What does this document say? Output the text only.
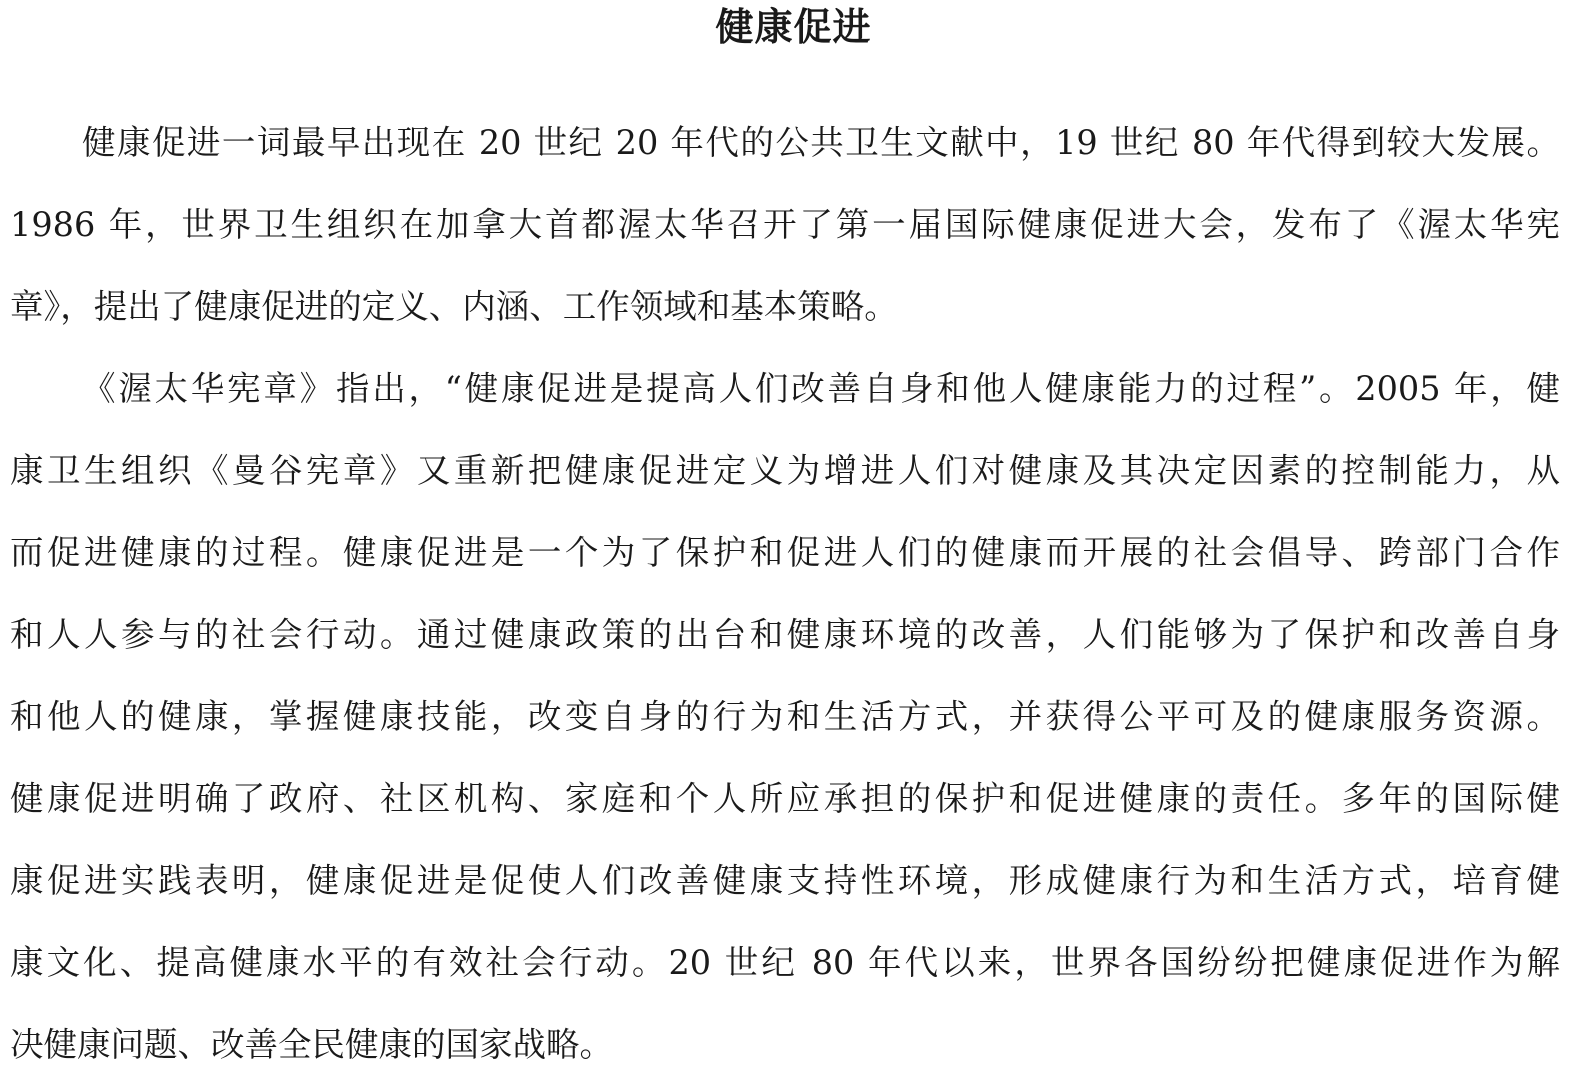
健康促进
健康促进一词最早出现在 20 世纪 20 年代的公共卫生文献中，19 世纪 80 年代得到较大发展。
1986 年，世界卫生组织在加拿大首都渥太华召开了第一届国际健康促进大会，发布了《渥太华宪
章》，提出了健康促进的定义、内涵、工作领域和基本策略。
《渥太华宪章》指出，“健康促进是提高人们改善自身和他人健康能力的过程”。2005 年，健
康卫生组织《曼谷宪章》又重新把健康促进定义为增进人们对健康及其决定因素的控制能力，从
而促进健康的过程。健康促进是一个为了保护和促进人们的健康而开展的社会倡导、跨部门合作
和人人参与的社会行动。通过健康政策的出台和健康环境的改善，人们能够为了保护和改善自身
和他人的健康，掌握健康技能，改变自身的行为和生活方式，并获得公平可及的健康服务资源。
健康促进明确了政府、社区机构、家庭和个人所应承担的保护和促进健康的责任。多年的国际健
康促进实践表明，健康促进是促使人们改善健康支持性环境，形成健康行为和生活方式，培育健
康文化、提高健康水平的有效社会行动。20 世纪 80 年代以来，世界各国纷纷把健康促进作为解
决健康问题、改善全民健康的国家战略。
